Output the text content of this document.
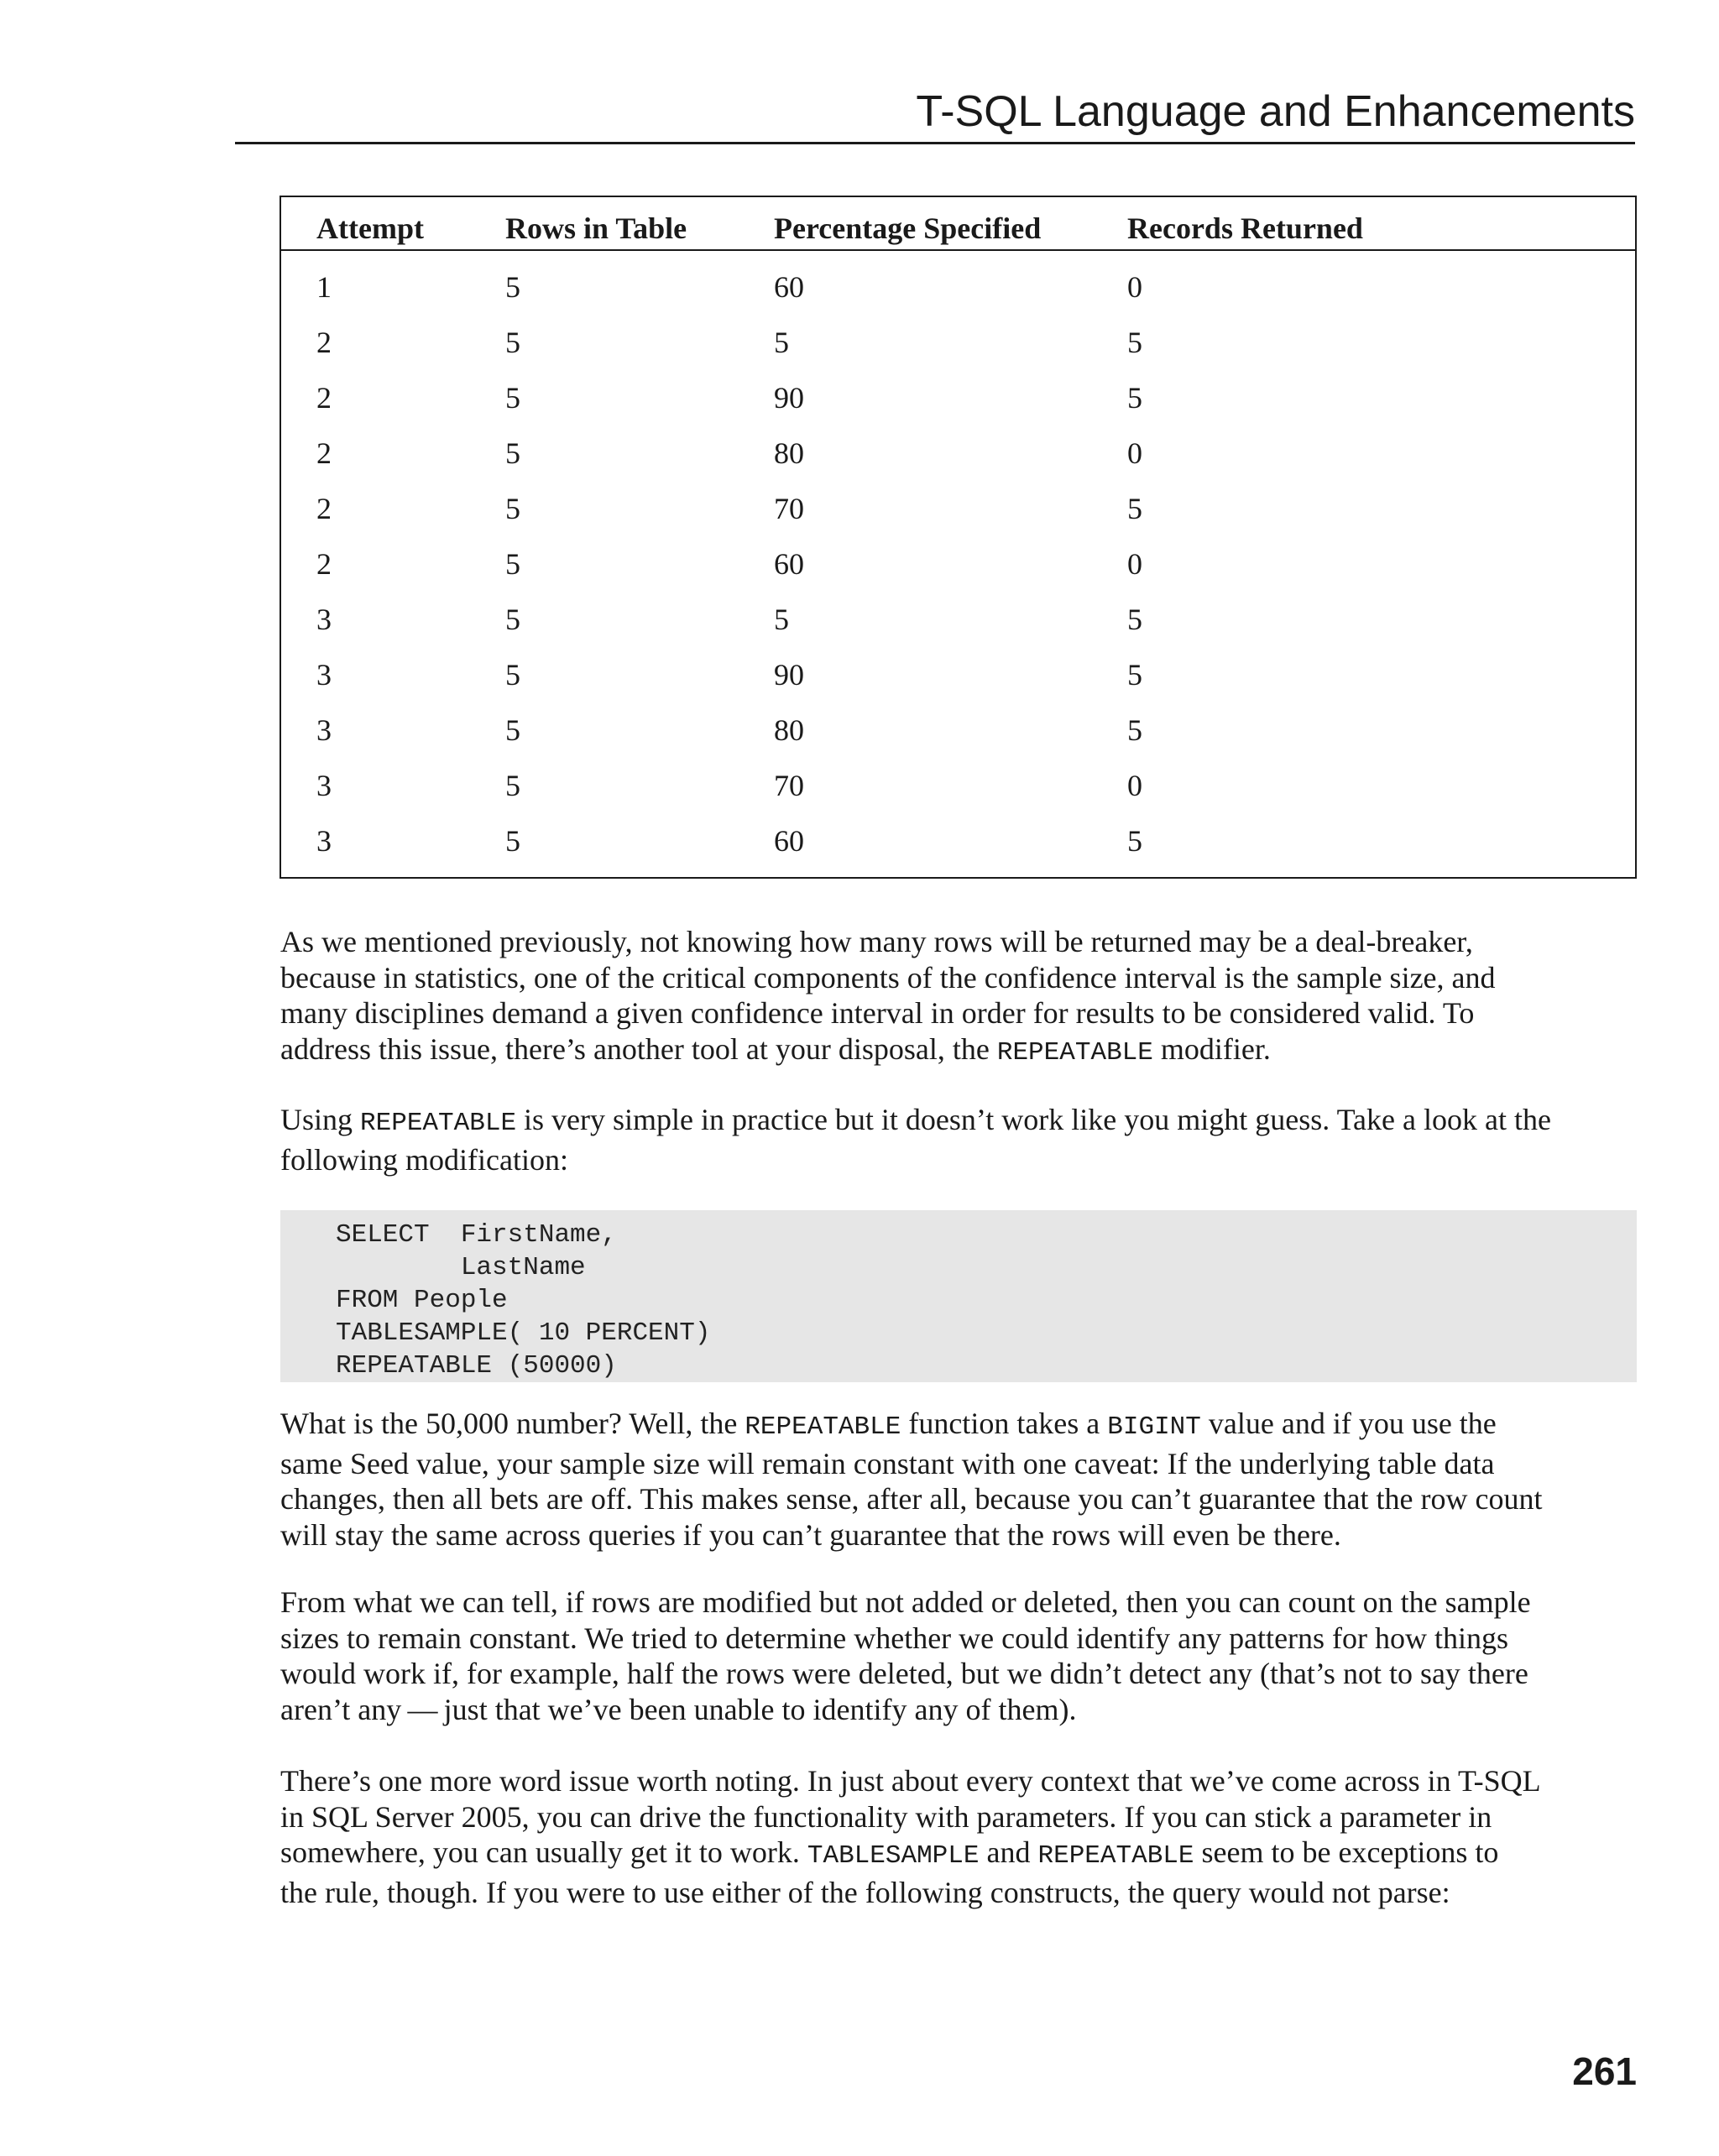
T-SQL Language and Enhancements
Attempt	Rows in Table	Percentage Specified	Records Returned
1	5	60	0
2	5	5	5
2	5	90	5
2	5	80	0
2	5	70	5
2	5	60	0
3	5	5	5
3	5	90	5
3	5	80	5
3	5	70	0
3	5	60	5
As we mentioned previously, not knowing how many rows will be returned may be a deal-breaker,
because in statistics, one of the critical components of the confidence interval is the sample size, and
many disciplines demand a given confidence interval in order for results to be considered valid. To
address this issue, there’s another tool at your disposal, the REPEATABLE modifier.
Using REPEATABLE is very simple in practice but it doesn’t work like you might guess. Take a look at the
following modification:
SELECT  FirstName,
LastName
FROM People
TABLESAMPLE( 10 PERCENT)
REPEATABLE (50000)
What is the 50,000 number? Well, the REPEATABLE function takes a BIGINT value and if you use the
same Seed value, your sample size will remain constant with one caveat: If the underlying table data
changes, then all bets are off. This makes sense, after all, because you can’t guarantee that the row count
will stay the same across queries if you can’t guarantee that the rows will even be there.
From what we can tell, if rows are modified but not added or deleted, then you can count on the sample
sizes to remain constant. We tried to determine whether we could identify any patterns for how things
would work if, for example, half the rows were deleted, but we didn’t detect any (that’s not to say there
aren’t any — just that we’ve been unable to identify any of them).
There’s one more word issue worth noting. In just about every context that we’ve come across in T-SQL
in SQL Server 2005, you can drive the functionality with parameters. If you can stick a parameter in
somewhere, you can usually get it to work. TABLESAMPLE and REPEATABLE seem to be exceptions to
the rule, though. If you were to use either of the following constructs, the query would not parse:
261
